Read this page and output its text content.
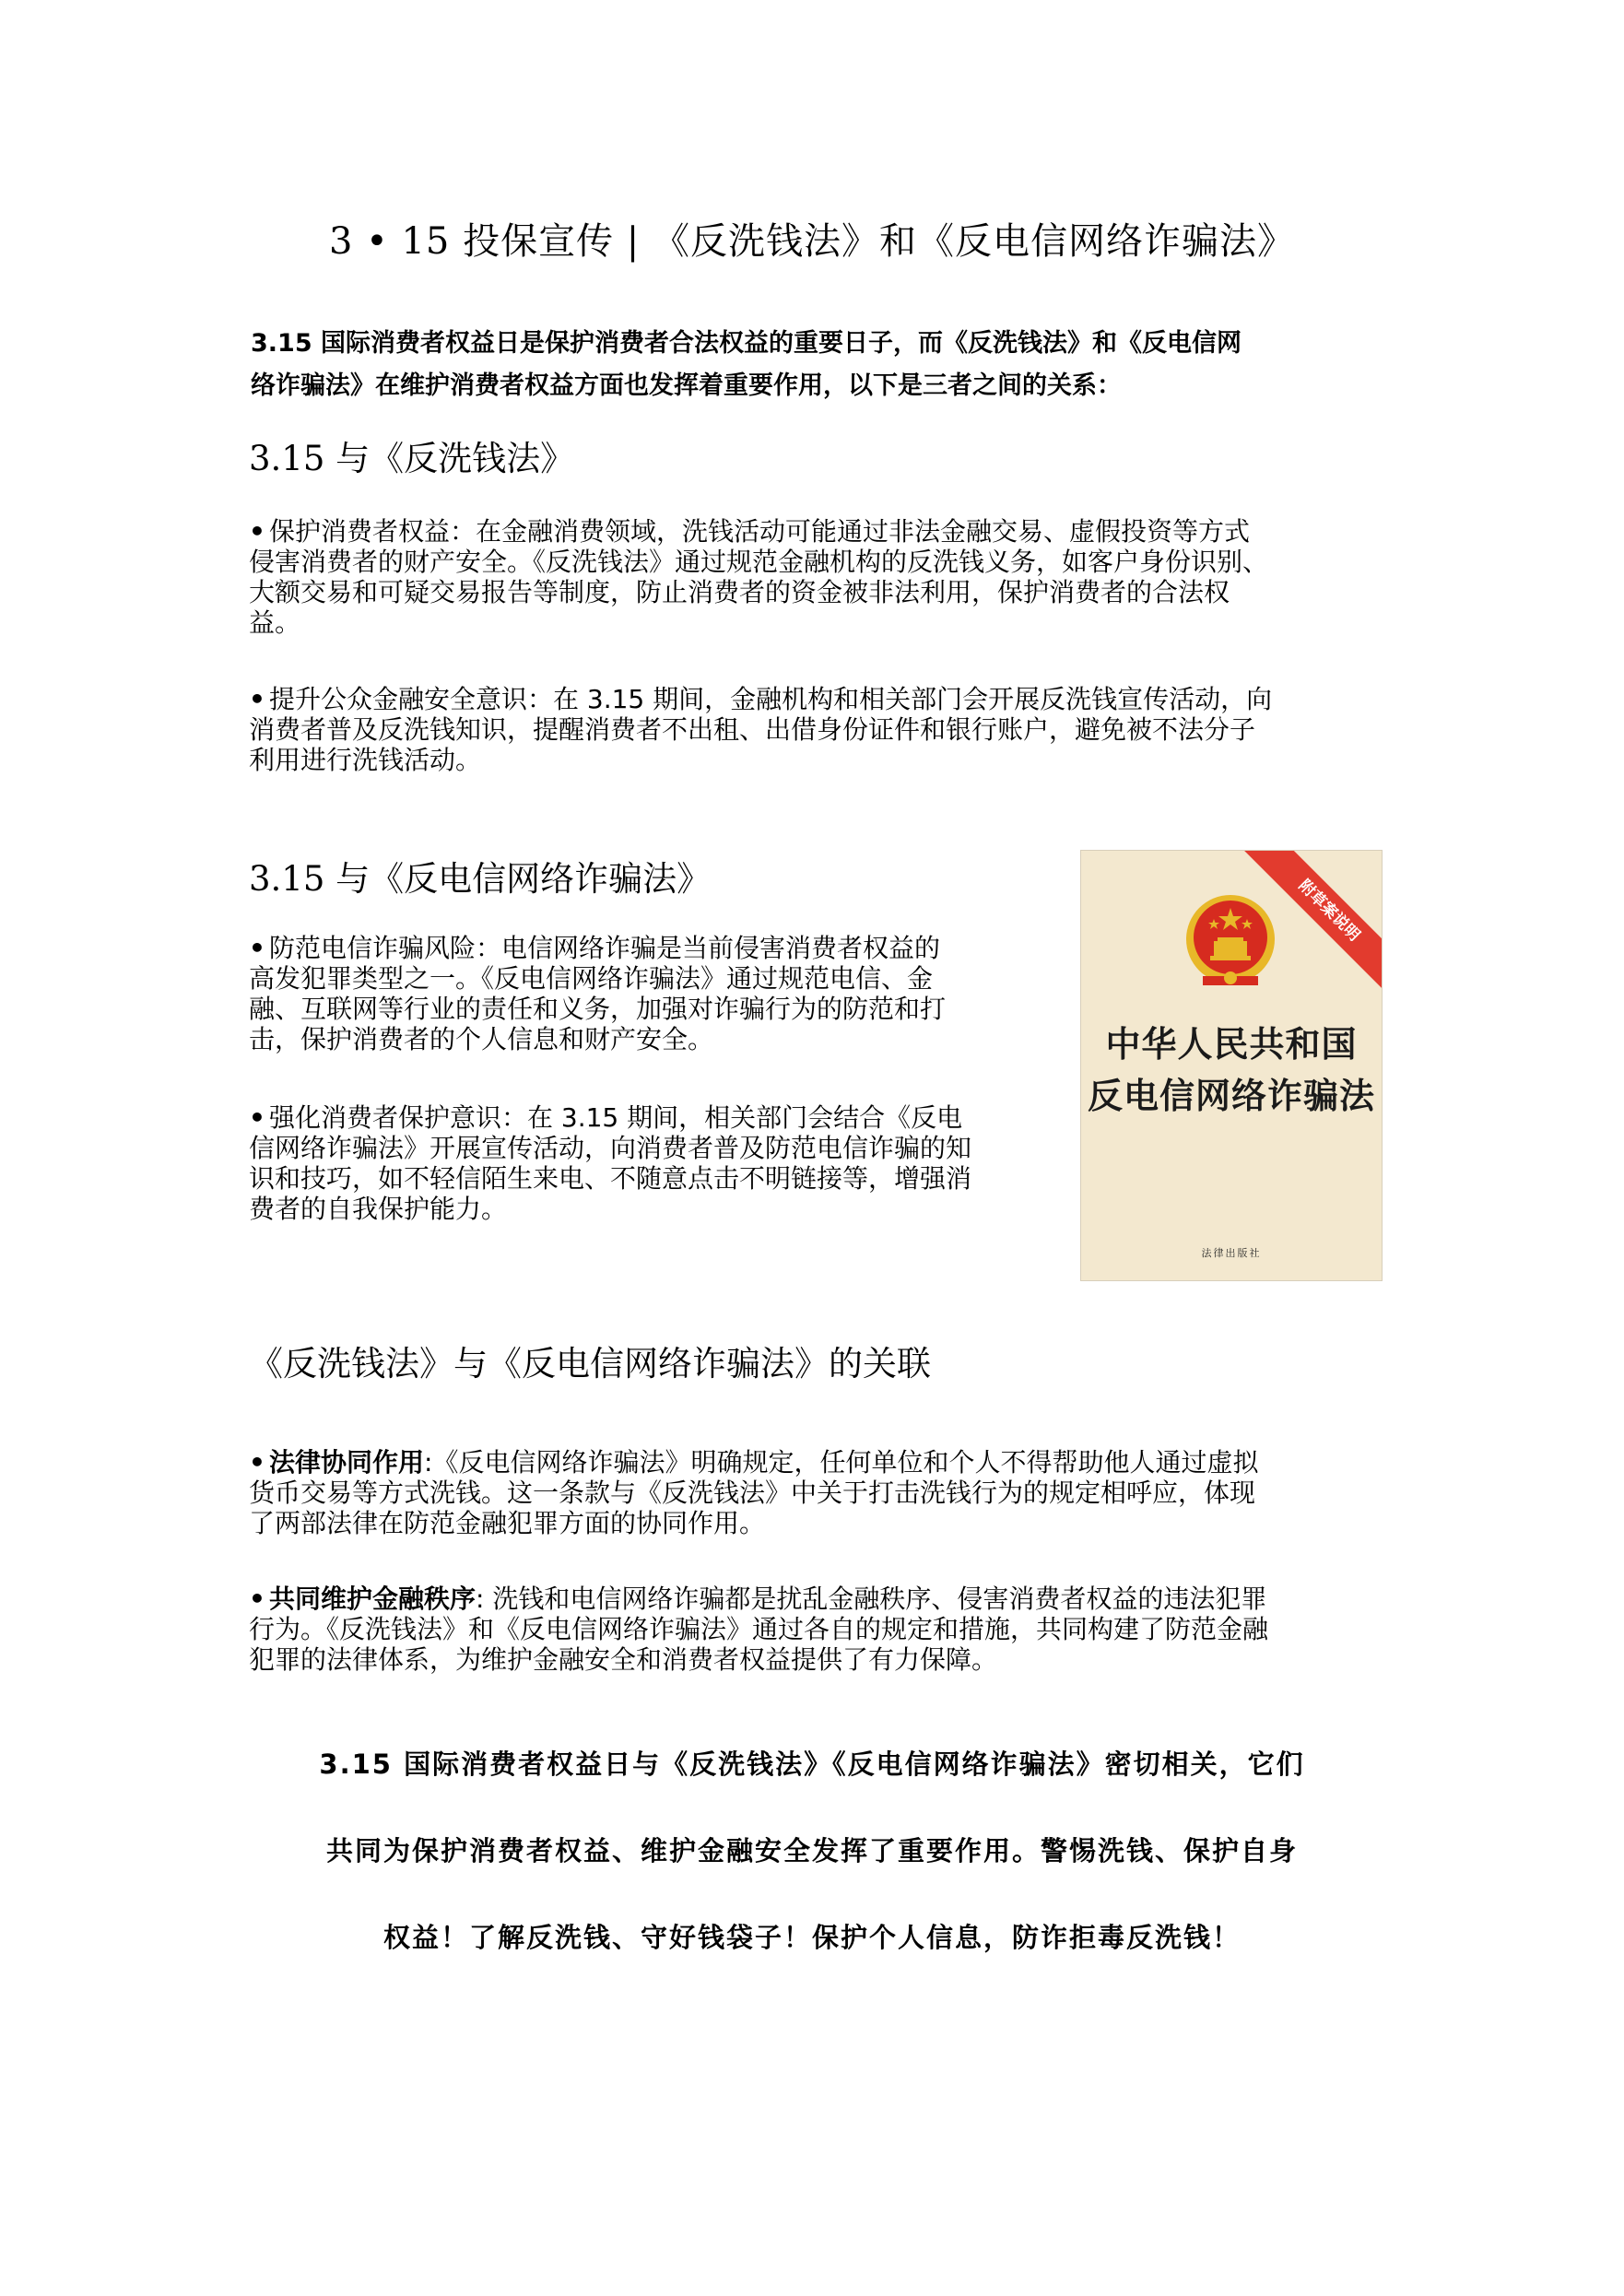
3 • 15 投保宣传 | 《反洗钱法》和《反电信网络诈骗法》

3.15 国际消费者权益日是保护消费者合法权益的重要日子，而《反洗钱法》和《反电信网
络诈骗法》在维护消费者权益方面也发挥着重要作用，以下是三者之间的关系：

3.15 与《反洗钱法》

• 保护消费者权益：在金融消费领域，洗钱活动可能通过非法金融交易、虚假投资等方式
侵害消费者的财产安全。《反洗钱法》通过规范金融机构的反洗钱义务，如客户身份识别、
大额交易和可疑交易报告等制度，防止消费者的资金被非法利用，保护消费者的合法权
益。

• 提升公众金融安全意识：在 3.15 期间，金融机构和相关部门会开展反洗钱宣传活动，向
消费者普及反洗钱知识，提醒消费者不出租、出借身份证件和银行账户，避免被不法分子
利用进行洗钱活动。

3.15 与《反电信网络诈骗法》

• 防范电信诈骗风险：电信网络诈骗是当前侵害消费者权益的
高发犯罪类型之一。《反电信网络诈骗法》通过规范电信、金
融、互联网等行业的责任和义务，加强对诈骗行为的防范和打
击，保护消费者的个人信息和财产安全。

• 强化消费者保护意识：在 3.15 期间，相关部门会结合《反电
信网络诈骗法》开展宣传活动，向消费者普及防范电信诈骗的知
识和技巧，如不轻信陌生来电、不随意点击不明链接等，增强消
费者的自我保护能力。

附草案说明
中华人民共和国
反电信网络诈骗法
法律出版社
《反洗钱法》与《反电信网络诈骗法》的关联

• 法律协同作用:《反电信网络诈骗法》明确规定，任何单位和个人不得帮助他人通过虚拟
货币交易等方式洗钱。这一条款与《反洗钱法》中关于打击洗钱行为的规定相呼应，体现
了两部法律在防范金融犯罪方面的协同作用。

• 共同维护金融秩序: 洗钱和电信网络诈骗都是扰乱金融秩序、侵害消费者权益的违法犯罪
行为。《反洗钱法》和《反电信网络诈骗法》通过各自的规定和措施，共同构建了防范金融
犯罪的法律体系，为维护金融安全和消费者权益提供了有力保障。

3.15 国际消费者权益日与《反洗钱法》《反电信网络诈骗法》密切相关，它们

共同为保护消费者权益、维护金融安全发挥了重要作用。警惕洗钱、保护自身

权益！了解反洗钱、守好钱袋子！保护个人信息，防诈拒毒反洗钱！
